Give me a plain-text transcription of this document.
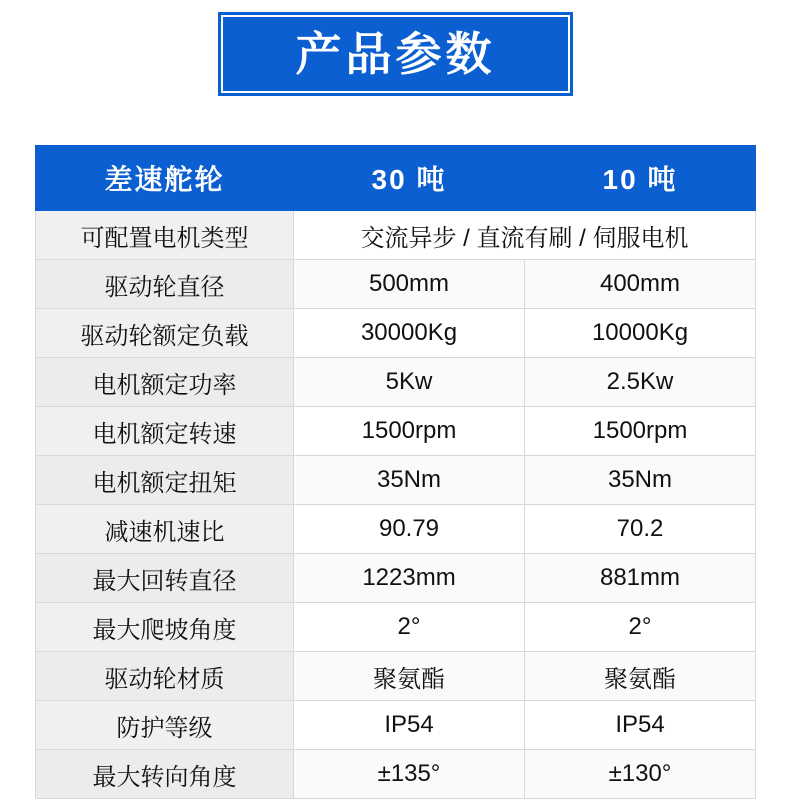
产品参数
差速舵轮	30 吨	10 吨
可配置电机类型	交流异步 / 直流有刷 / 伺服电机	
驱动轮直径	500mm	400mm
驱动轮额定负载	30000Kg	10000Kg
电机额定功率	5Kw	2.5Kw
电机额定转速	1500rpm	1500rpm
电机额定扭矩	35Nm	35Nm
减速机速比	90.79	70.2
最大回转直径	1223mm	881mm
最大爬坡角度	2°	2°
驱动轮材质	聚氨酯	聚氨酯
防护等级	IP54	IP54
最大转向角度	±135°	±130°
